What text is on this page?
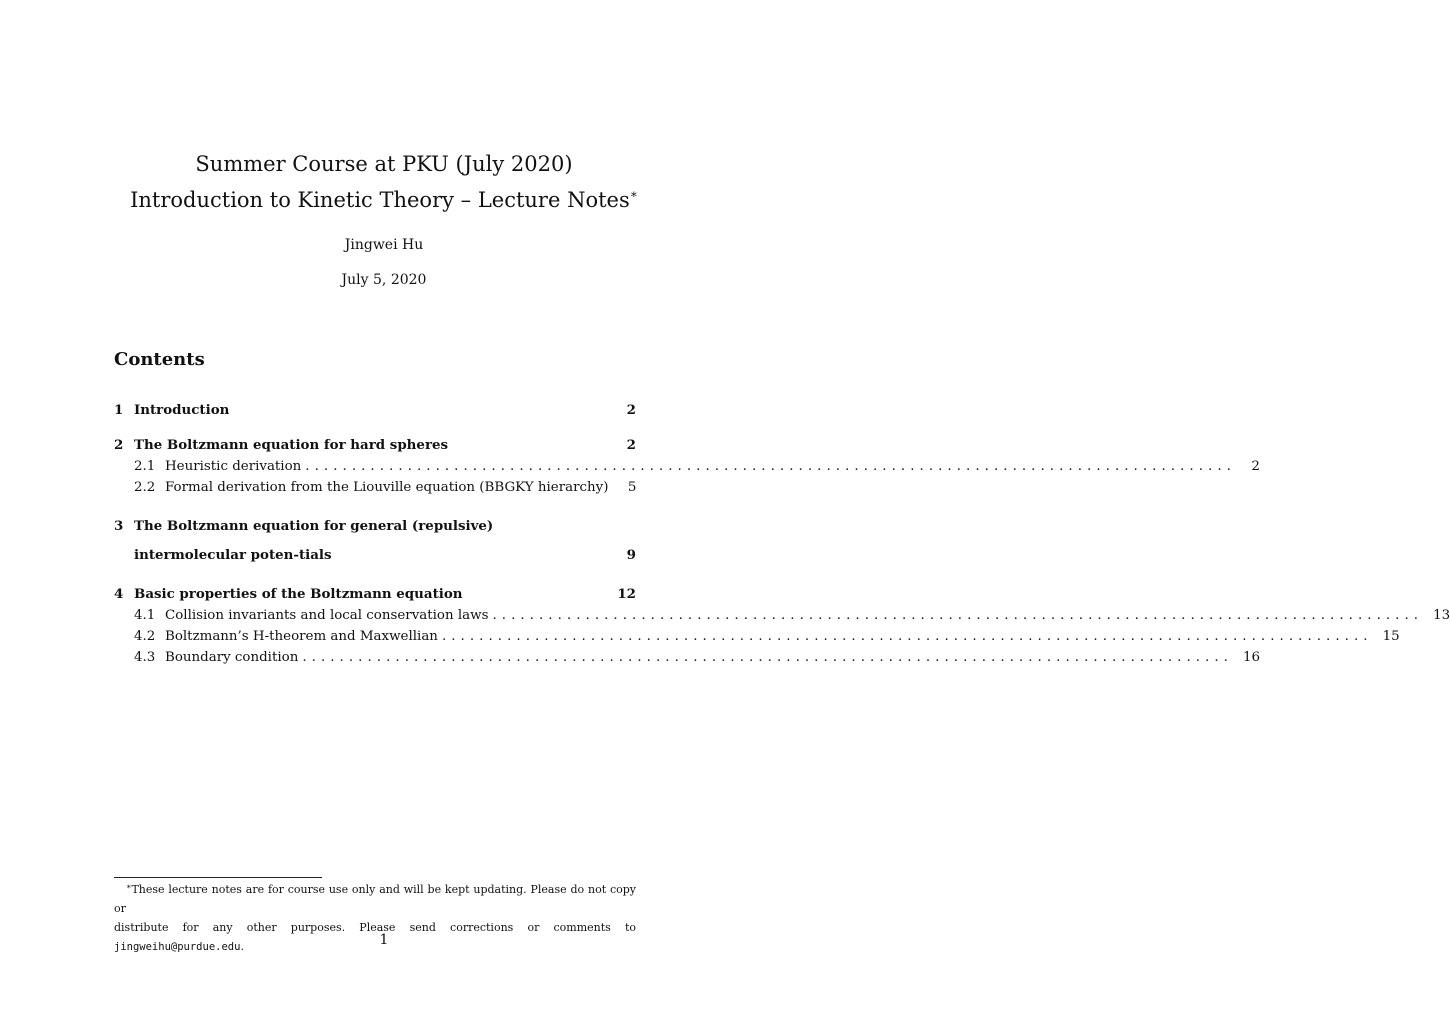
Summer Course at PKU (July 2020)
Introduction to Kinetic Theory – Lecture Notes∗
Jingwei Hu
July 5, 2020
Contents
1 Introduction	2
2 The Boltzmann equation for hard spheres	2
2.1 Heuristic derivation ....................................................................................................	2
2.2 Formal derivation from the Liouville equation (BBGKY hierarchy)	5
3 The Boltzmann equation for general (repulsive) intermolecular poten-tials	9
4 Basic properties of the Boltzmann equation	12
4.1 Collision invariants and local conservation laws .................................................................................................... 13
4.2 Boltzmann’s H-theorem and Maxwellian .................................................................................................... 15
4.3 Boundary condition .................................................................................................... 16
∗These lecture notes are for course use only and will be kept updating. Please do not copy or
distribute for any other purposes. Please send corrections or comments to jingweihu@purdue.edu.	1
